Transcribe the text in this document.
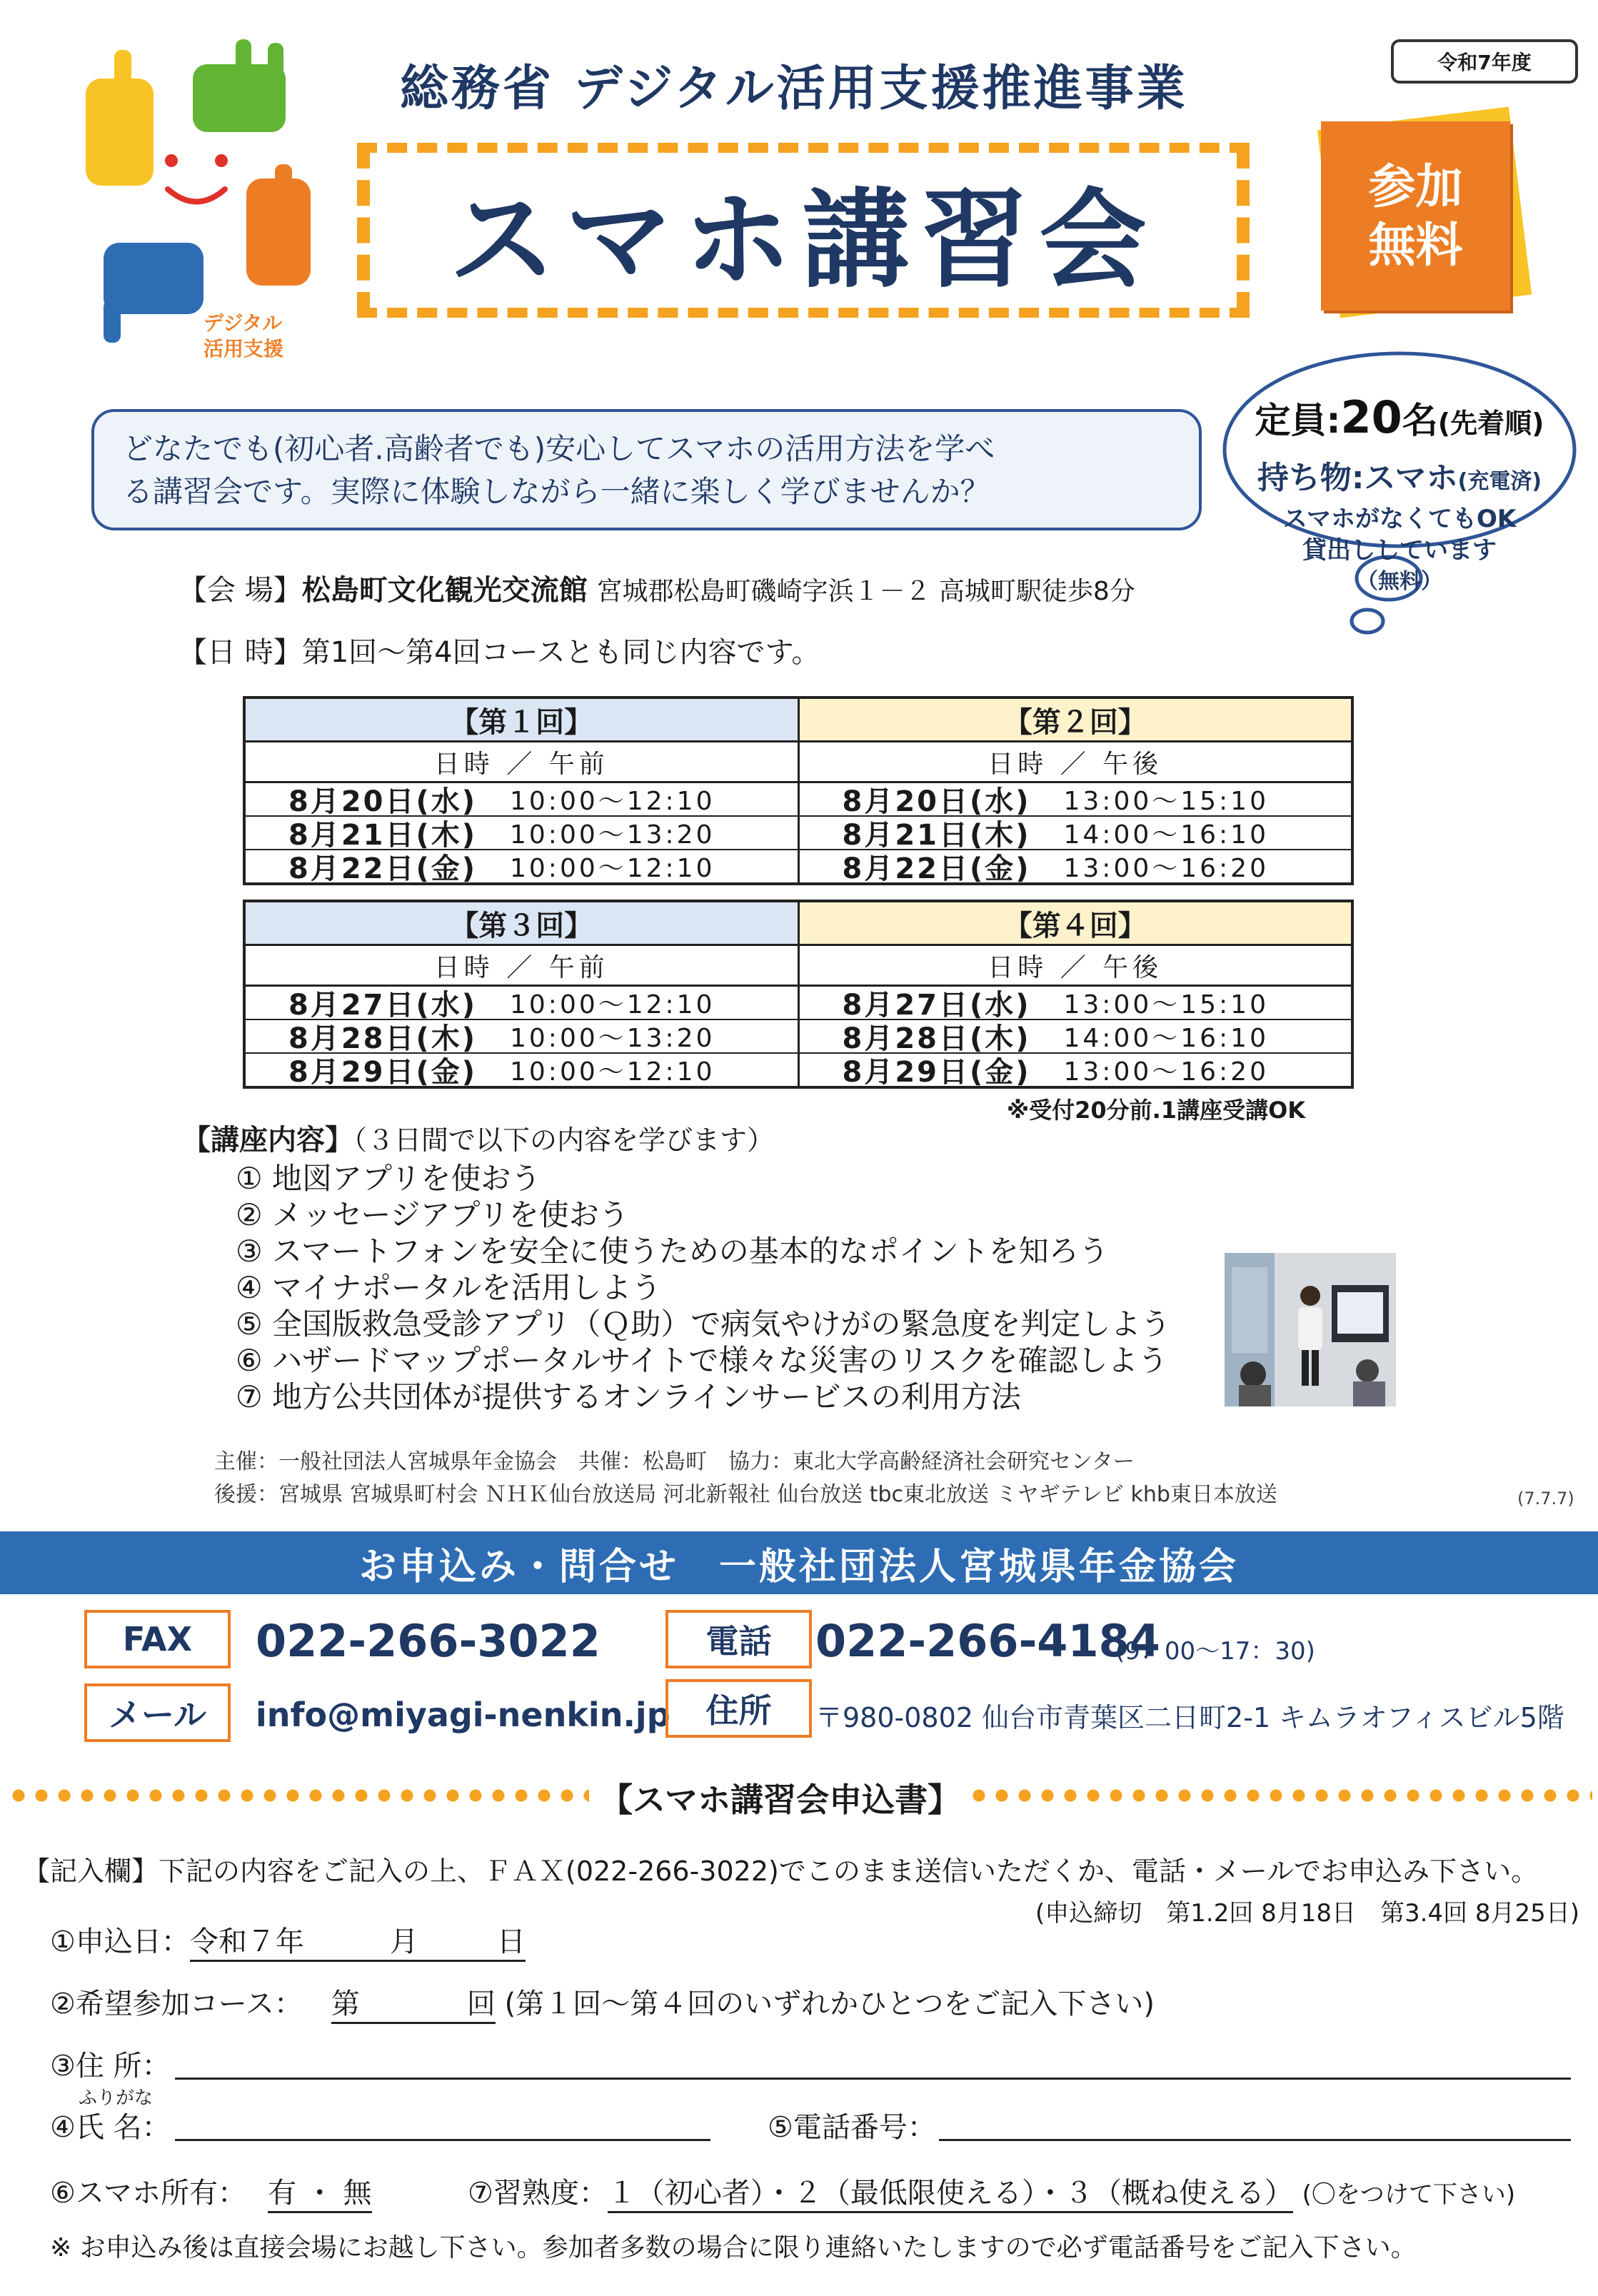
デジタル
活用支援
総務省 デジタル活用支援推進事業
スマホ講習会
令和7年度
参加
無料
どなたでも(初心者.高齢者でも)安心してスマホの活用方法を学べ
る講習会です。実際に体験しながら一緒に楽しく学びませんか？
定員:20名(先着順)
持ち物:スマホ(充電済)
スマホがなくてもOK
貸出ししています
（無料）
【会 場】松島町文化観光交流館 宮城郡松島町磯崎字浜１－２ 高城町駅徒歩8分
【日 時】第1回～第4回コースとも同じ内容です。
【第１回】
日時 ／ 午前
8月20日(水)	10:00～12:10
8月21日(木)	10:00～13:20
8月22日(金)	10:00～12:10
【第２回】
日時 ／ 午後
8月20日(水)	13:00～15:10
8月21日(木)	14:00～16:10
8月22日(金)	13:00～16:20
【第３回】
日時 ／ 午前
8月27日(水)	10:00～12:10
8月28日(木)	10:00～13:20
8月29日(金)	10:00～12:10
【第４回】
日時 ／ 午後
8月27日(水)	13:00～15:10
8月28日(木)	14:00～16:10
8月29日(金)	13:00～16:20
※受付20分前.1講座受講OK
【講座内容】（３日間で以下の内容を学びます）
① 地図アプリを使おう
② メッセージアプリを使おう
③ スマートフォンを安全に使うための基本的なポイントを知ろう
④ マイナポータルを活用しよう
⑤ 全国版救急受診アプリ（Ｑ助）で病気やけがの緊急度を判定しよう
⑥ ハザードマップポータルサイトで様々な災害のリスクを確認しよう
⑦ 地方公共団体が提供するオンラインサービスの利用方法
主催：一般社団法人宮城県年金協会　共催：松島町　協力：東北大学高齢経済社会研究センター
後援：宮城県 宮城県町村会 ＮＨＫ仙台放送局 河北新報社 仙台放送 tbc東北放送 ミヤギテレビ khb東日本放送	(7.7.7)
お申込み・問合せ　一般社団法人宮城県年金協会
FAX	022-266-3022
メール	info@miyagi-nenkin.jp
電話 022-266-4184
(9：00～17：30)
住所	〒980-0802 仙台市青葉区二日町2-1 キムラオフィスビル5階
【スマホ講習会申込書】
【記入欄】下記の内容をご記入の上、ＦＡＸ(022-266-3022)でこのまま送信いただくか、電話・メールでお申込み下さい。
(申込締切　第1.2回 8月18日　第3.4回 8月25日)
①申込日：令和７年	月	日
②希望参加コース： 第	回 (第１回～第４回のいずれかひとつをご記入下さい)
③住 所：
ふりがな
④氏 名：	⑤電話番号：
⑥スマホ所有： 有 ・ 無	⑦習熟度：１（初心者）・２（最低限使える）・３（概ね使える） (〇をつけて下さい)
※ お申込み後は直接会場にお越し下さい。参加者多数の場合に限り連絡いたしますので必ず電話番号をご記入下さい。
